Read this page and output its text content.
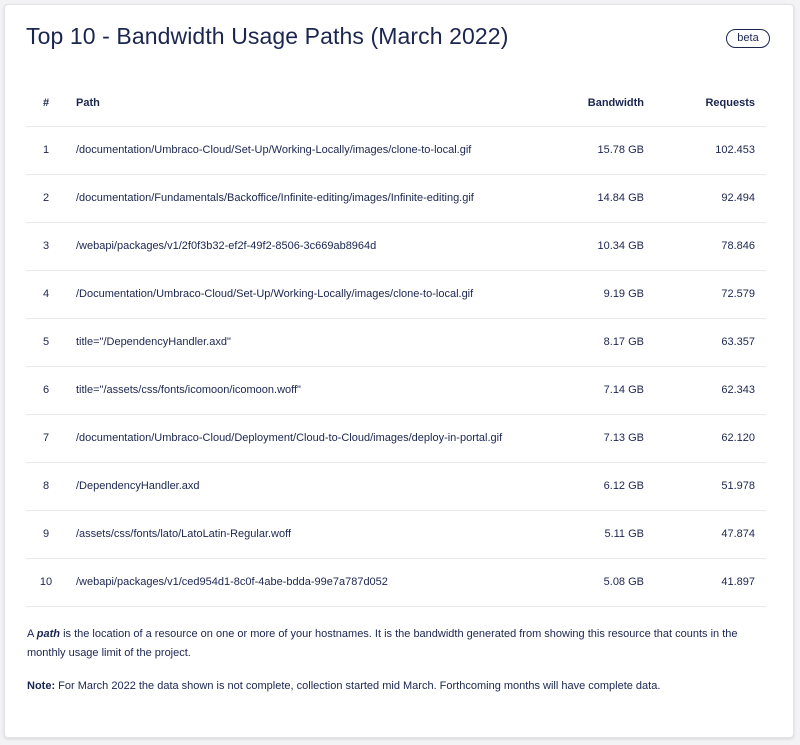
Top 10 - Bandwidth Usage Paths (March 2022)	beta
#	Path	Bandwidth	Requests
1	/documentation/Umbraco-Cloud/Set-Up/Working-Locally/images/clone-to-local.gif	15.78 GB	102.453
2	/documentation/Fundamentals/Backoffice/Infinite-editing/images/Infinite-editing.gif	14.84 GB	92.494
3	/webapi/packages/v1/2f0f3b32-ef2f-49f2-8506-3c669ab8964d	10.34 GB	78.846
4	/Documentation/Umbraco-Cloud/Set-Up/Working-Locally/images/clone-to-local.gif	9.19 GB	72.579
5	title="/DependencyHandler.axd"	8.17 GB	63.357
6	title="/assets/css/fonts/icomoon/icomoon.woff"	7.14 GB	62.343
7	/documentation/Umbraco-Cloud/Deployment/Cloud-to-Cloud/images/deploy-in-portal.gif	7.13 GB	62.120
8	/DependencyHandler.axd	6.12 GB	51.978
9	/assets/css/fonts/lato/LatoLatin-Regular.woff	5.11 GB	47.874
10	/webapi/packages/v1/ced954d1-8c0f-4abe-bdda-99e7a787d052	5.08 GB	41.897

A path is the location of a resource on one or more of your hostnames. It is the bandwidth generated from showing this resource that counts in the monthly usage limit of the project.

Note: For March 2022 the data shown is not complete, collection started mid March. Forthcoming months will have complete data.
